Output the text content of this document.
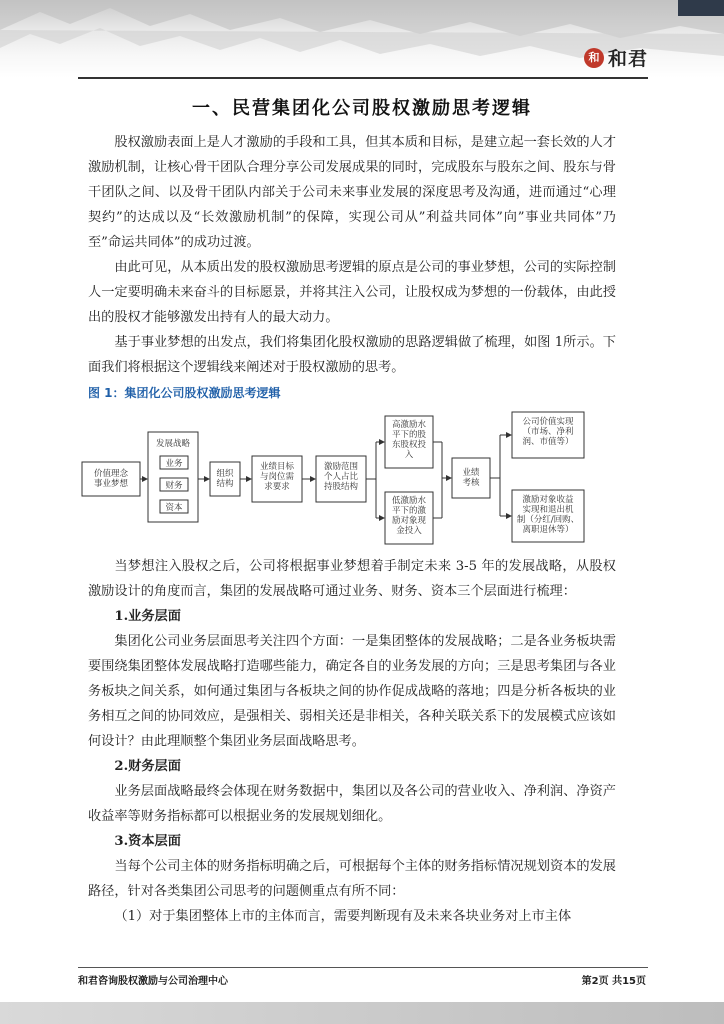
和 和君
一、民营集团化公司股权激励思考逻辑

股权激励表面上是人才激励的手段和工具，但其本质和目标，是建立起一套长效的人才激励机制，让核心骨干团队合理分享公司发展成果的同时，完成股东与股东之间、股东与骨干团队之间、以及骨干团队内部关于公司未来事业发展的深度思考及沟通，进而通过“心理契约”的达成以及“长效激励机制”的保障，实现公司从”利益共同体”向”事业共同体”乃至”命运共同体”的成功过渡。

由此可见，从本质出发的股权激励思考逻辑的原点是公司的事业梦想，公司的实际控制人一定要明确未来奋斗的目标愿景，并将其注入公司，让股权成为梦想的一份载体，由此授出的股权才能够激发出持有人的最大动力。

基于事业梦想的出发点，我们将集团化股权激励的思路逻辑做了梳理，如图 1所示。下面我们将根据这个逻辑线来阐述对于股权激励的思考。

图 1：集团化公司股权激励思考逻辑

价值理念事业梦想
发展战略
业务
财务
资本
组织结构
业绩目标与岗位需求要求
激励范围个人占比持股结构
高激励水平下的股东股权投入
低激励水平下的激励对象现金投入
业绩考核
公司价值实现（市场、净利润、市值等）
激励对象收益实现和退出机制（分红/回购、离职退休等）

当梦想注入股权之后，公司将根据事业梦想着手制定未来 3-5 年的发展战略，从股权激励设计的角度而言，集团的发展战略可通过业务、财务、资本三个层面进行梳理：

1.业务层面

集团化公司业务层面思考关注四个方面：一是集团整体的发展战略；二是各业务板块需要围绕集团整体发展战略打造哪些能力，确定各自的业务发展的方向；三是思考集团与各业务板块之间关系，如何通过集团与各板块之间的协作促成战略的落地；四是分析各板块的业务相互之间的协同效应，是强相关、弱相关还是非相关，各种关联关系下的发展模式应该如何设计？由此理顺整个集团业务层面战略思考。

2.财务层面

业务层面战略最终会体现在财务数据中，集团以及各公司的营业收入、净利润、净资产收益率等财务指标都可以根据业务的发展规划细化。

3.资本层面

当每个公司主体的财务指标明确之后，可根据每个主体的财务指标情况规划资本的发展路径，针对各类集团公司思考的问题侧重点有所不同：

（1）对于集团整体上市的主体而言，需要判断现有及未来各块业务对上市主体

和君咨询股权激励与公司治理中心	第2页 共15页
